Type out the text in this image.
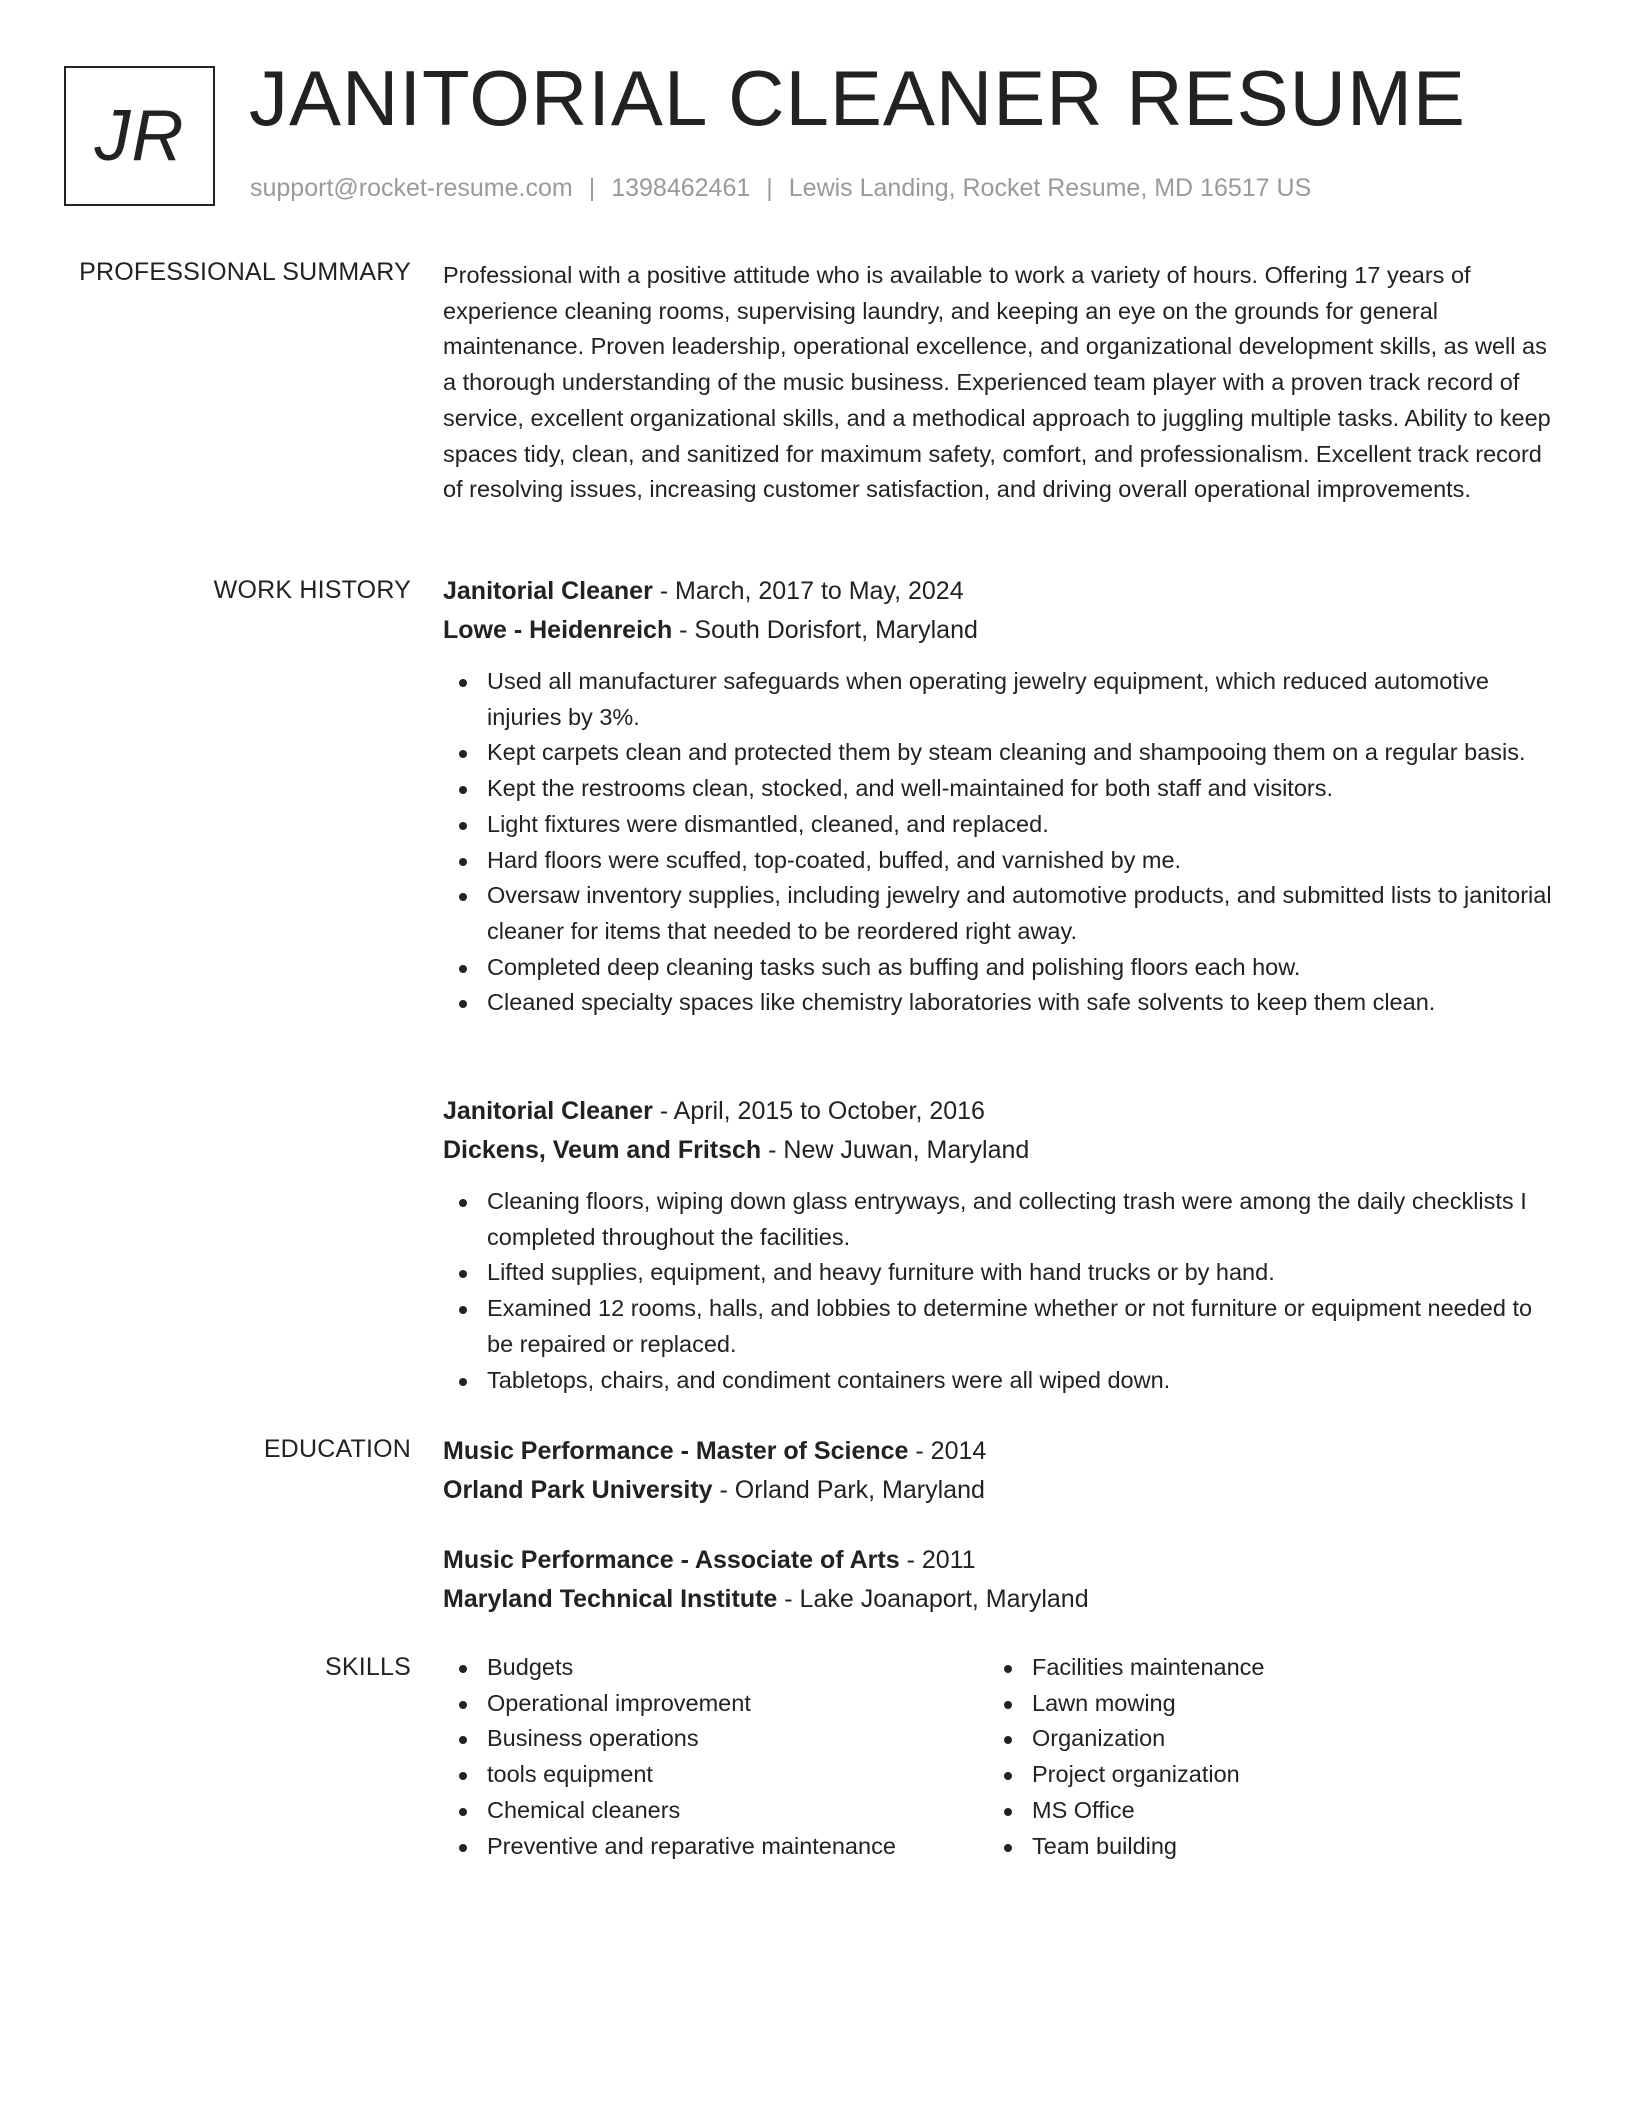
JR JANITORIAL CLEANER RESUME
support@rocket-resume.com | 1398462461 | Lewis Landing, Rocket Resume, MD 16517 US
PROFESSIONAL SUMMARY Professional with a positive attitude who is available to work a variety of hours. Offering 17 years of experience cleaning rooms, supervising laundry, and keeping an eye on the grounds for general maintenance. Proven leadership, operational excellence, and organizational development skills, as well as a thorough understanding of the music business. Experienced team player with a proven track record of service, excellent organizational skills, and a methodical approach to juggling multiple tasks. Ability to keep spaces tidy, clean, and sanitized for maximum safety, comfort, and professionalism. Excellent track record of resolving issues, increasing customer satisfaction, and driving overall operational improvements.
WORK HISTORY Janitorial Cleaner - March, 2017 to May, 2024
Lowe - Heidenreich - South Dorisfort, Maryland
Used all manufacturer safeguards when operating jewelry equipment, which reduced automotive injuries by 3%.
Kept carpets clean and protected them by steam cleaning and shampooing them on a regular basis.
Kept the restrooms clean, stocked, and well-maintained for both staff and visitors.
Light fixtures were dismantled, cleaned, and replaced.
Hard floors were scuffed, top-coated, buffed, and varnished by me.
Oversaw inventory supplies, including jewelry and automotive products, and submitted lists to janitorial cleaner for items that needed to be reordered right away.
Completed deep cleaning tasks such as buffing and polishing floors each how.
Cleaned specialty spaces like chemistry laboratories with safe solvents to keep them clean.
Janitorial Cleaner - April, 2015 to October, 2016
Dickens, Veum and Fritsch - New Juwan, Maryland
Cleaning floors, wiping down glass entryways, and collecting trash were among the daily checklists I completed throughout the facilities.
Lifted supplies, equipment, and heavy furniture with hand trucks or by hand.
Examined 12 rooms, halls, and lobbies to determine whether or not furniture or equipment needed to be repaired or replaced.
Tabletops, chairs, and condiment containers were all wiped down.
EDUCATION Music Performance - Master of Science - 2014
Orland Park University - Orland Park, Maryland
Music Performance - Associate of Arts - 2011
Maryland Technical Institute - Lake Joanaport, Maryland
SKILLS	Budgets
Operational improvement
Business operations
tools equipment
Chemical cleaners
Preventive and reparative maintenance
Facilities maintenance
Lawn mowing
Organization
Project organization
MS Office
Team building
